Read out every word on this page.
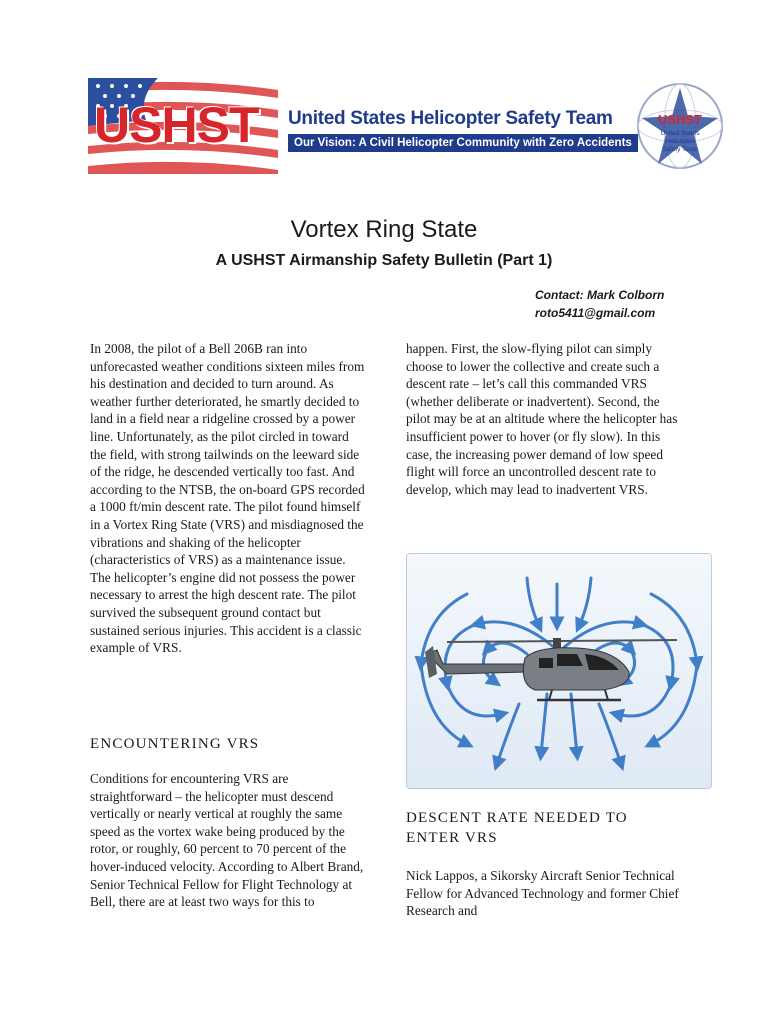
USHST United States Helicopter Safety Team
Our Vision: A Civil Helicopter Community with Zero Accidents
USHST
United States
Helicopter
Safety Team
Vortex Ring State
A USHST Airmanship Safety Bulletin (Part 1)
Contact: Mark Colborn
roto5411@gmail.com

In 2008, the pilot of a Bell 206B ran into unforecasted weather conditions sixteen miles from his destination and decided to turn around. As weather further deteriorated, he smartly decided to land in a field near a ridgeline crossed by a power line. Unfortunately, as the pilot circled in toward the field, with strong tailwinds on the leeward side of the ridge, he descended vertically too fast. And according to the NTSB, the on-board GPS recorded a 1000 ft/min descent rate. The pilot found himself in a Vortex Ring State (VRS) and misdiagnosed the vibrations and shaking of the helicopter (characteristics of VRS) as a maintenance issue. The helicopter’s engine did not possess the power necessary to arrest the high descent rate. The pilot survived the subsequent ground contact but sustained serious injuries. This accident is a classic example of VRS.

ENCOUNTERING VRS

Conditions for encountering VRS are straightforward – the helicopter must descend vertically or nearly vertical at roughly the same speed as the vortex wake being produced by the rotor, or roughly, 60 percent to 70 percent of the hover-induced velocity. According to Albert Brand, Senior Technical Fellow for Flight Technology at Bell, there are at least two ways for this to

happen. First, the slow-flying pilot can simply choose to lower the collective and create such a descent rate – let’s call this commanded VRS (whether deliberate or inadvertent). Second, the pilot may be at an altitude where the helicopter has insufficient power to hover (or fly slow). In this case, the increasing power demand of low speed flight will force an uncontrolled descent rate to develop, which may lead to inadvertent VRS.

DESCENT RATE NEEDED TO ENTER VRS

Nick Lappos, a Sikorsky Aircraft Senior Technical Fellow for Advanced Technology and former Chief Research and
